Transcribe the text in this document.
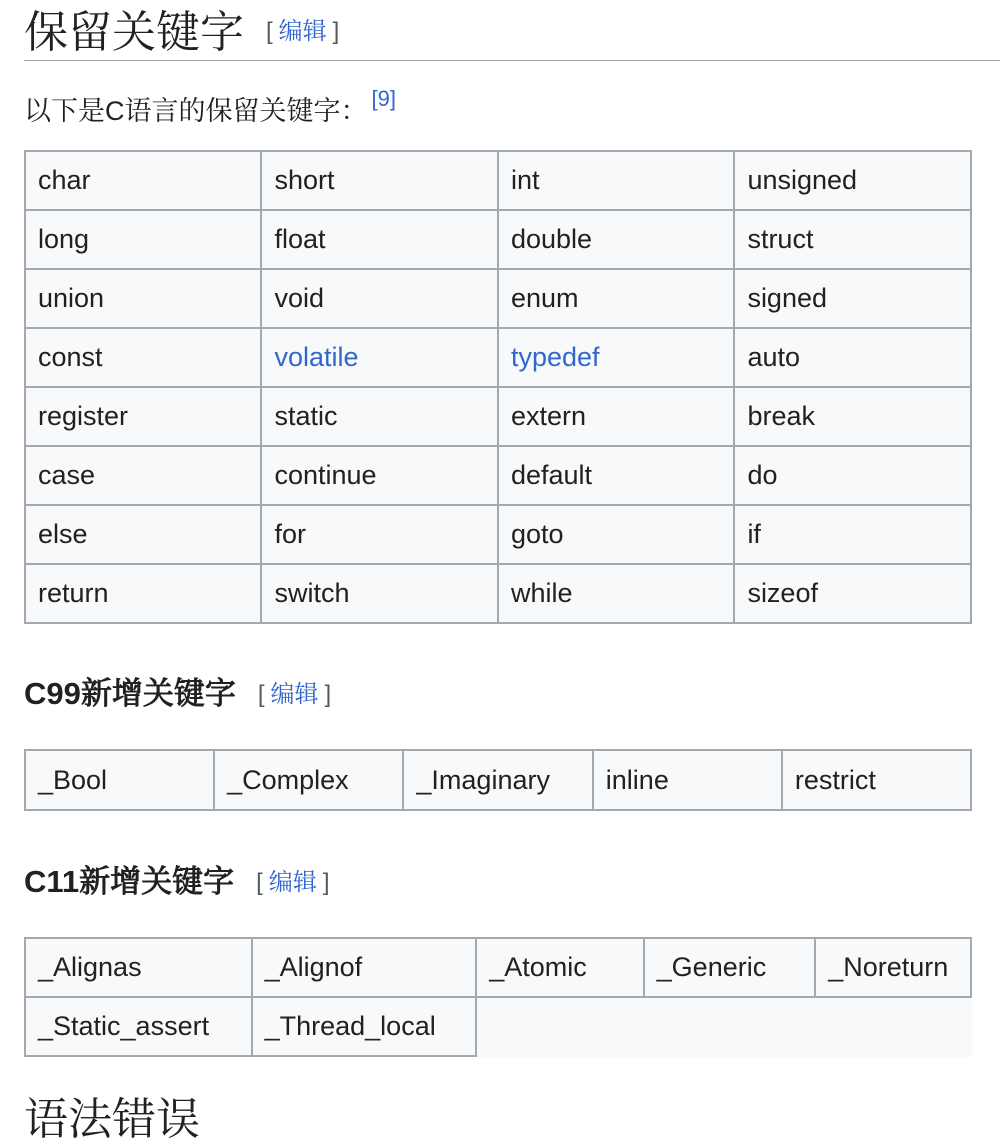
保留关键字 [ 编辑 ]
以下是C语言的保留关键字： [9]
char	short	int	unsigned
long	float	double	struct
union	void	enum	signed
const	volatile	typedef	auto
register	static	extern	break
case	continue	default	do
else	for	goto	if
return	switch	while	sizeof
C99新增关键字 [ 编辑 ]
_Bool	_Complex	_Imaginary	inline	restrict
C11新增关键字 [ 编辑 ]
_Alignas	_Alignof	_Atomic	_Generic	_Noreturn
_Static_assert	_Thread_local			
语法错误
